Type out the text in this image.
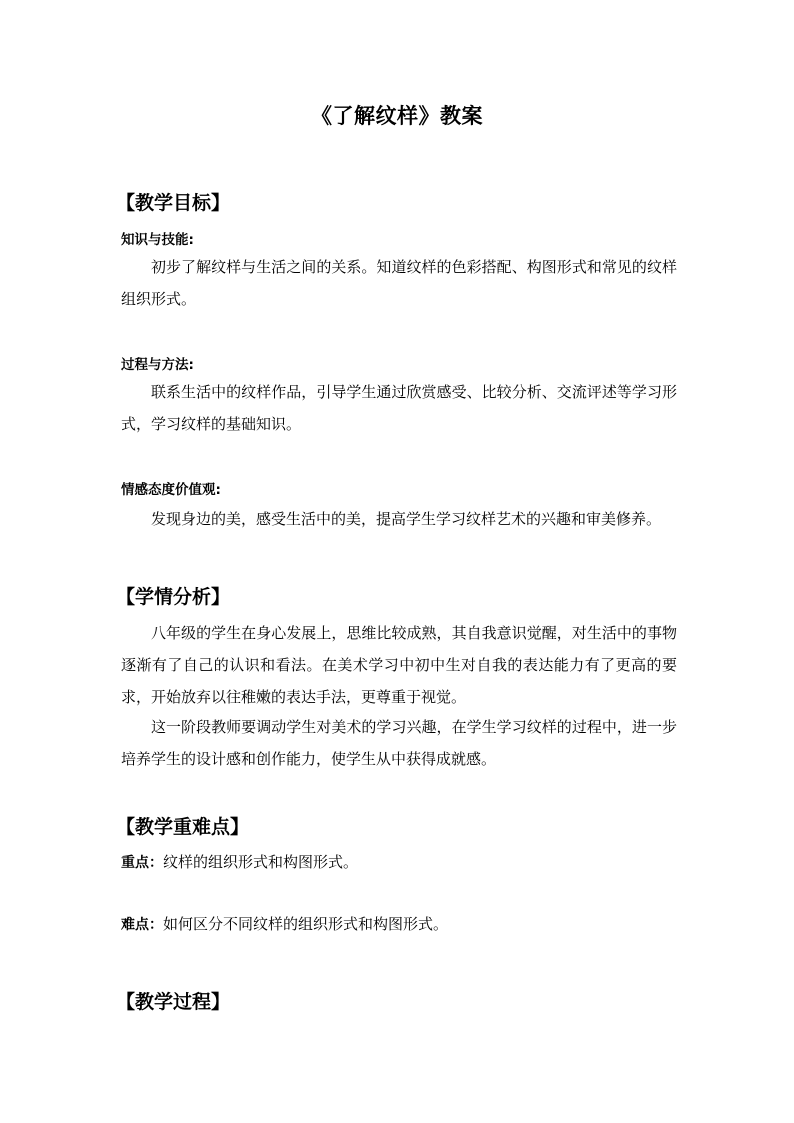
《了解纹样》教案
【教学目标】
知识与技能:
初步了解纹样与生活之间的关系。知道纹样的色彩搭配、构图形式和常见的纹样组织形式。
过程与方法:
联系生活中的纹样作品，引导学生通过欣赏感受、比较分析、交流评述等学习形式，学习纹样的基础知识。
情感态度价值观:
发现身边的美，感受生活中的美，提高学生学习纹样艺术的兴趣和审美修养。
【学情分析】
八年级的学生在身心发展上，思维比较成熟，其自我意识觉醒，对生活中的事物逐渐有了自己的认识和看法。在美术学习中初中生对自我的表达能力有了更高的要求，开始放弃以往稚嫩的表达手法，更尊重于视觉。
这一阶段教师要调动学生对美术的学习兴趣，在学生学习纹样的过程中，进一步培养学生的设计感和创作能力，使学生从中获得成就感。
【教学重难点】
重点：纹样的组织形式和构图形式。
难点：如何区分不同纹样的组织形式和构图形式。
【教学过程】
